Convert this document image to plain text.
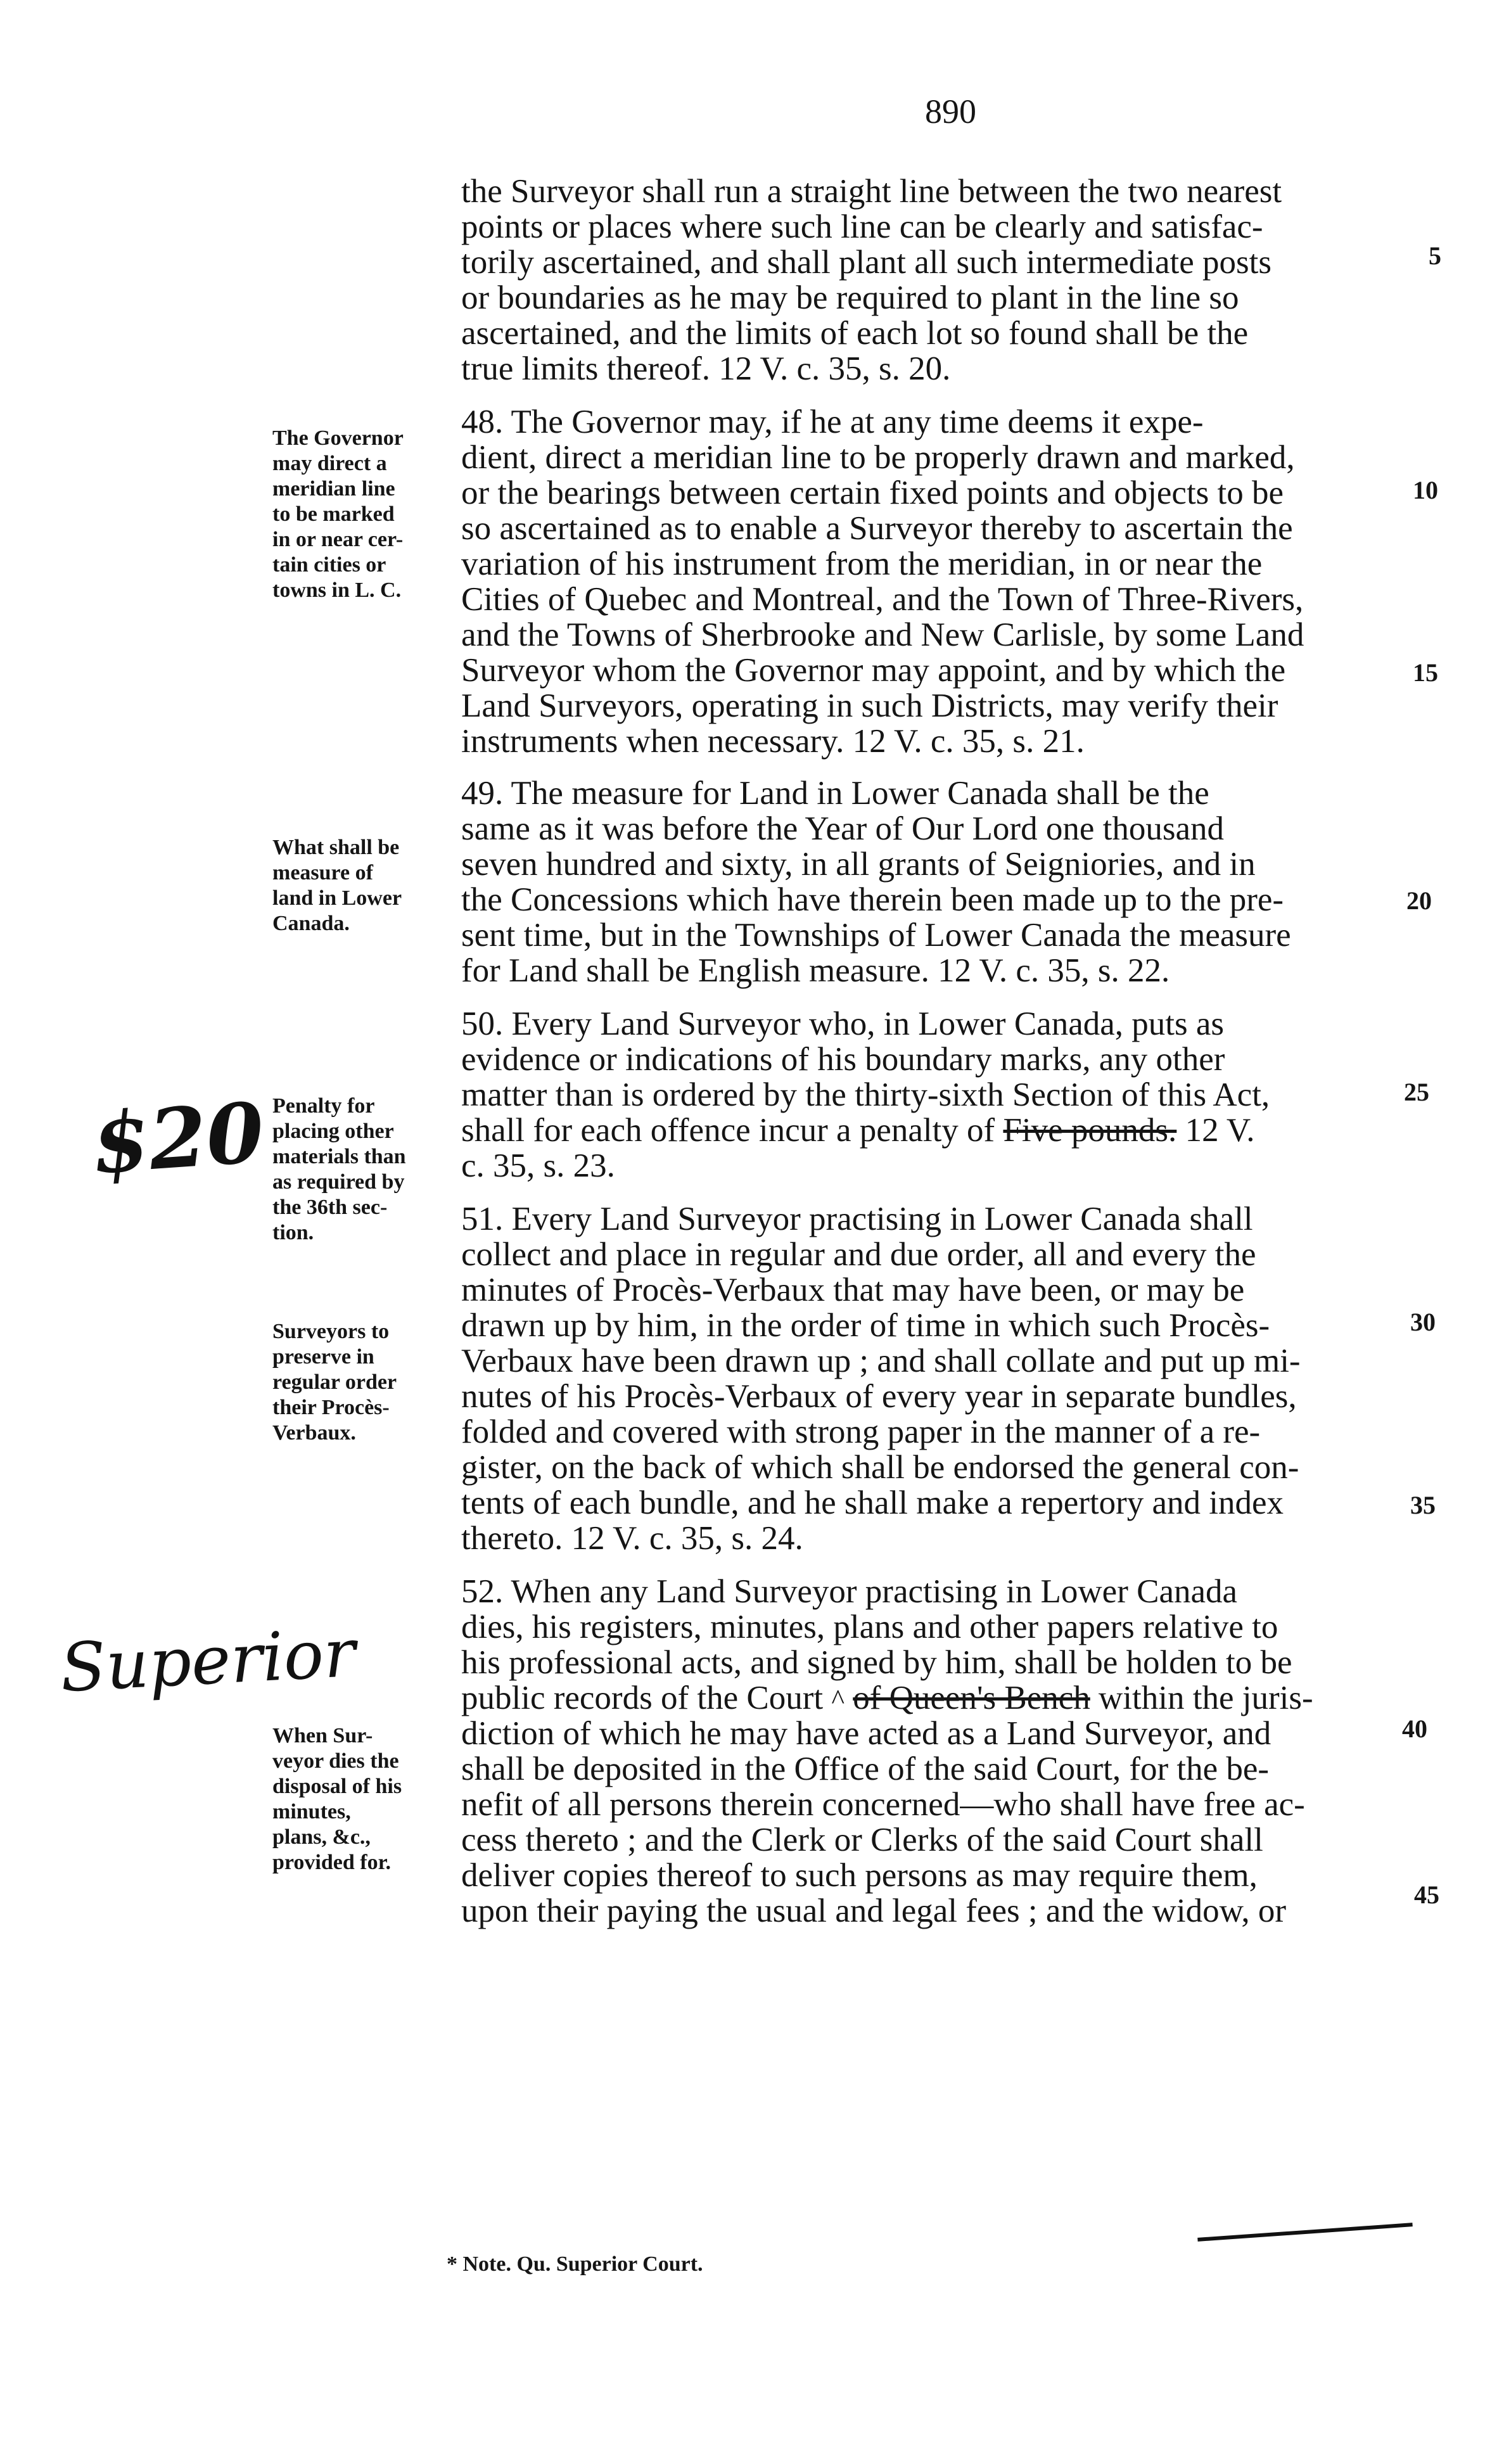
890
the Surveyor shall run a straight line between the two nearest
points or places where such line can be clearly and satisfac-
torily ascertained, and shall plant all such intermediate posts
or boundaries as he may be required to plant in the line so
ascertained, and the limits of each lot so found shall be the
true limits thereof. 12 V. c. 35, s. 20.
48. The Governor may, if he at any time deems it expe-
dient, direct a meridian line to be properly drawn and marked,
or the bearings between certain fixed points and objects to be
so ascertained as to enable a Surveyor thereby to ascertain the
variation of his instrument from the meridian, in or near the
Cities of Quebec and Montreal, and the Town of Three-Rivers,
and the Towns of Sherbrooke and New Carlisle, by some Land
Surveyor whom the Governor may appoint, and by which the
Land Surveyors, operating in such Districts, may verify their
instruments when necessary. 12 V. c. 35, s. 21.
49. The measure for Land in Lower Canada shall be the
same as it was before the Year of Our Lord one thousand
seven hundred and sixty, in all grants of Seigniories, and in
the Concessions which have therein been made up to the pre-
sent time, but in the Townships of Lower Canada the measure
for Land shall be English measure. 12 V. c. 35, s. 22.
50. Every Land Surveyor who, in Lower Canada, puts as
evidence or indications of his boundary marks, any other
matter than is ordered by the thirty-sixth Section of this Act,
shall for each offence incur a penalty of Five pounds. 12 V.
c. 35, s. 23.
51. Every Land Surveyor practising in Lower Canada shall
collect and place in regular and due order, all and every the
minutes of Procès-Verbaux that may have been, or may be
drawn up by him, in the order of time in which such Procès-
Verbaux have been drawn up ; and shall collate and put up mi-
nutes of his Procès-Verbaux of every year in separate bundles,
folded and covered with strong paper in the manner of a re-
gister, on the back of which shall be endorsed the general con-
tents of each bundle, and he shall make a repertory and index
thereto. 12 V. c. 35, s. 24.
52. When any Land Surveyor practising in Lower Canada
dies, his registers, minutes, plans and other papers relative to
his professional acts, and signed by him, shall be holden to be
public records of the Court ^ of Queen's Bench within the juris-
diction of which he may have acted as a Land Surveyor, and
shall be deposited in the Office of the said Court, for the be-
nefit of all persons therein concerned—who shall have free ac-
cess thereto ; and the Clerk or Clerks of the said Court shall
deliver copies thereof to such persons as may require them,
upon their paying the usual and legal fees ; and the widow, or
The Governor
may direct a
meridian line
to be marked
in or near cer-
tain cities or
towns in L. C.
What shall be
measure of
land in Lower
Canada.
Penalty for
placing other
materials than
as required by
the 36th sec-
tion.
Surveyors to
preserve in
regular order
their Procès-
Verbaux.
When Sur-
veyor dies the
disposal of his
minutes,
plans, &c.,
provided for.
5
10
15
20
25
30
35
40
45
$20
Superior
* Note. Qu. Superior Court.
